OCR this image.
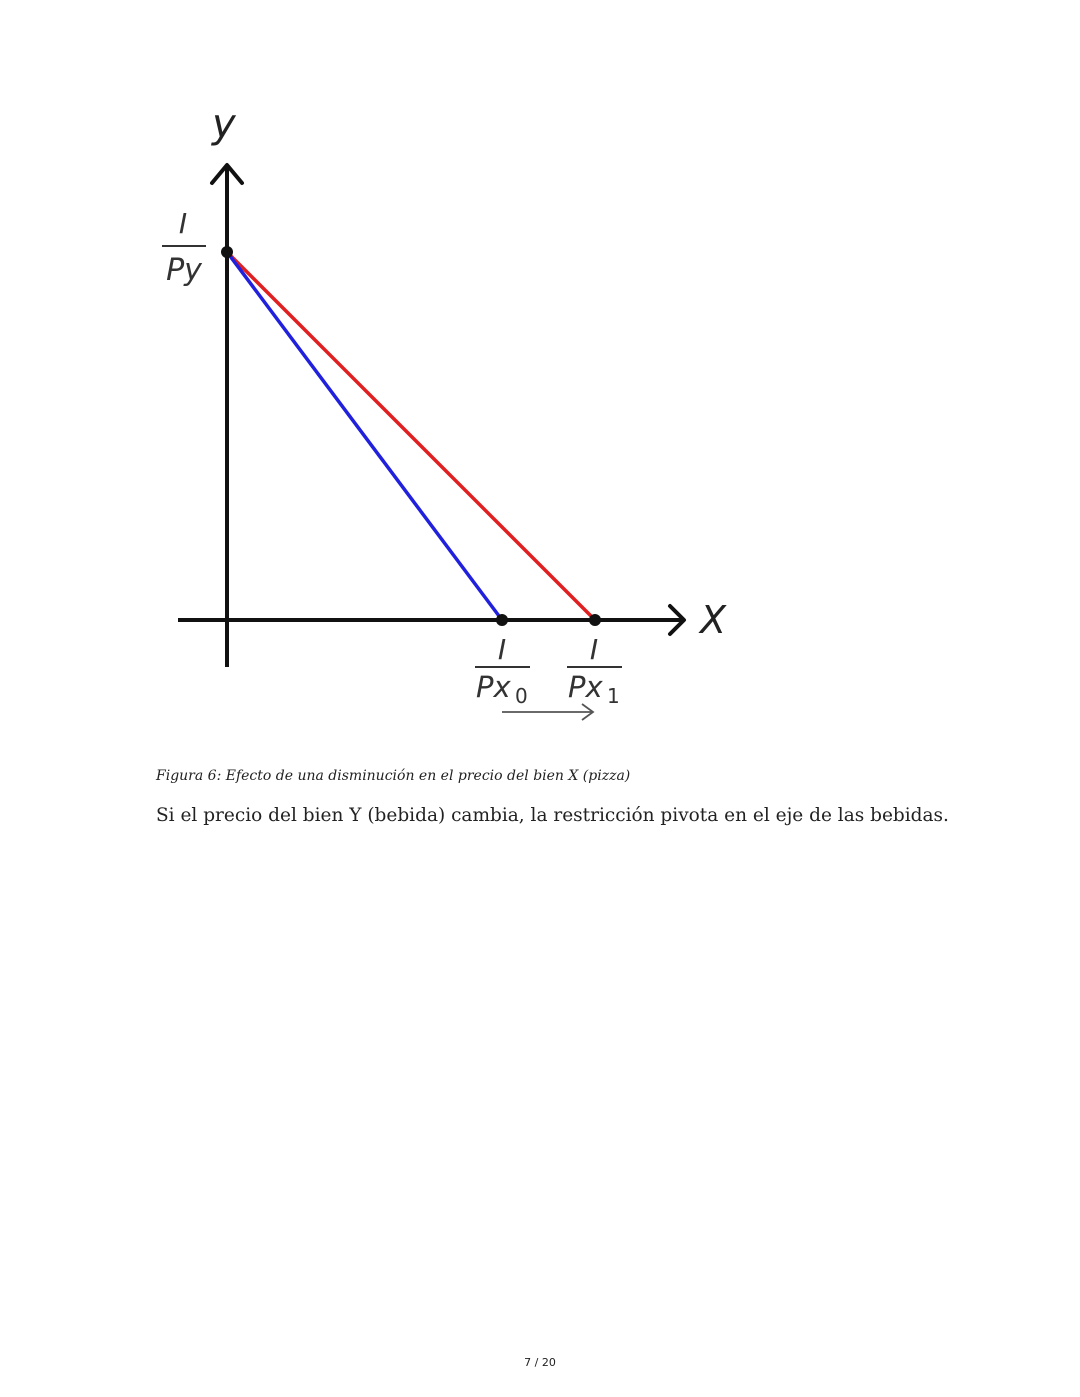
y
X
I
Py
I
Px 0
I
Px 1
Figura 6: Efecto de una disminución en el precio del bien X (pizza)
Si el precio del bien Y (bebida) cambia, la restricción pivota en el eje de las bebidas.
7 / 20
